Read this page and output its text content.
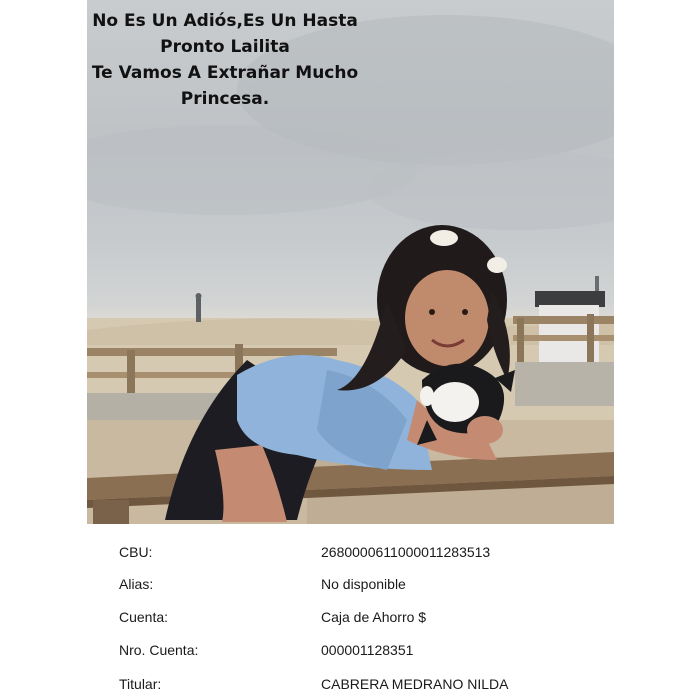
No Es Un Adiós,Es Un Hasta
Pronto Lailita
Te Vamos A Extrañar Mucho
Princesa.
CBU:	2680000611000011283513
Alias:	No disponible
Cuenta:	Caja de Ahorro $
Nro. Cuenta:	000001128351
Titular:	CABRERA MEDRANO NILDA
